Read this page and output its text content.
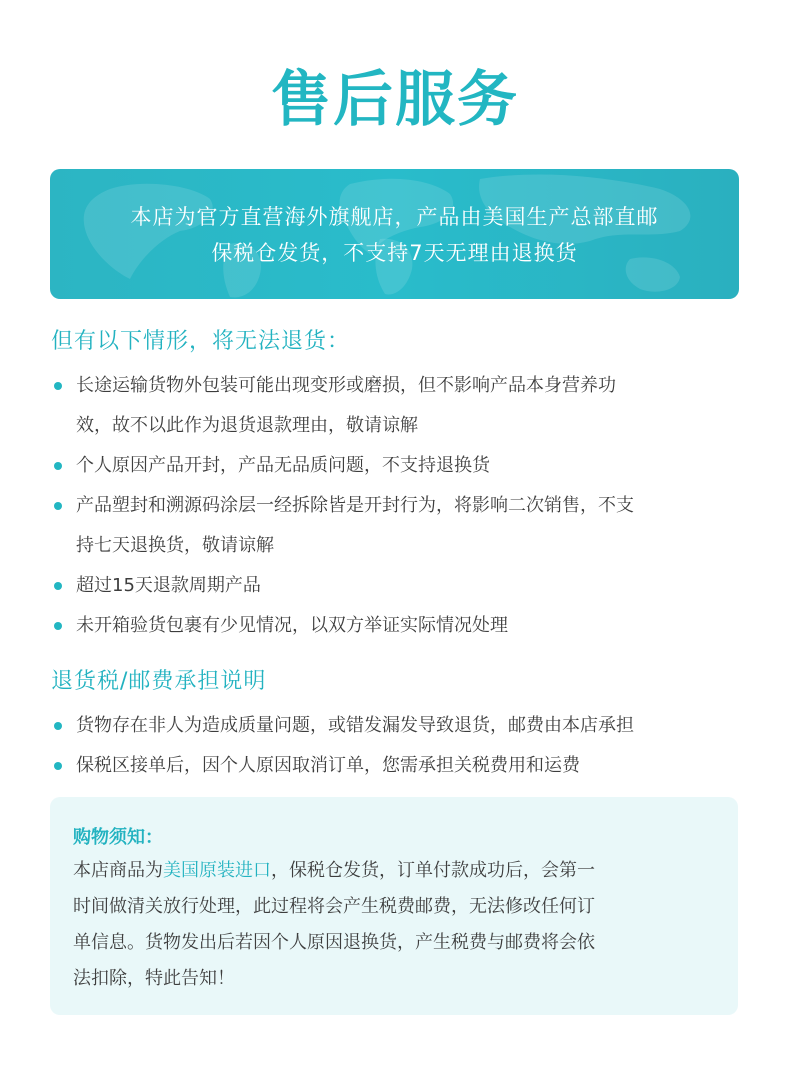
售后服务
本店为官方直营海外旗舰店，产品由美国生产总部直邮
保税仓发货，不支持7天无理由退换货
但有以下情形，将无法退货：
长途运输货物外包装可能出现变形或磨损，但不影响产品本身营养功
效，故不以此作为退货退款理由，敬请谅解
个人原因产品开封，产品无品质问题，不支持退换货
产品塑封和溯源码涂层一经拆除皆是开封行为，将影响二次销售，不支
持七天退换货，敬请谅解
超过15天退款周期产品
未开箱验货包裹有少见情况，以双方举证实际情况处理
退货税/邮费承担说明
货物存在非人为造成质量问题，或错发漏发导致退货，邮费由本店承担
保税区接单后，因个人原因取消订单，您需承担关税费用和运费
购物须知：
本店商品为美国原装进口，保税仓发货，订单付款成功后，会第一
时间做清关放行处理，此过程将会产生税费邮费，无法修改任何订
单信息。货物发出后若因个人原因退换货，产生税费与邮费将会依
法扣除，特此告知！
